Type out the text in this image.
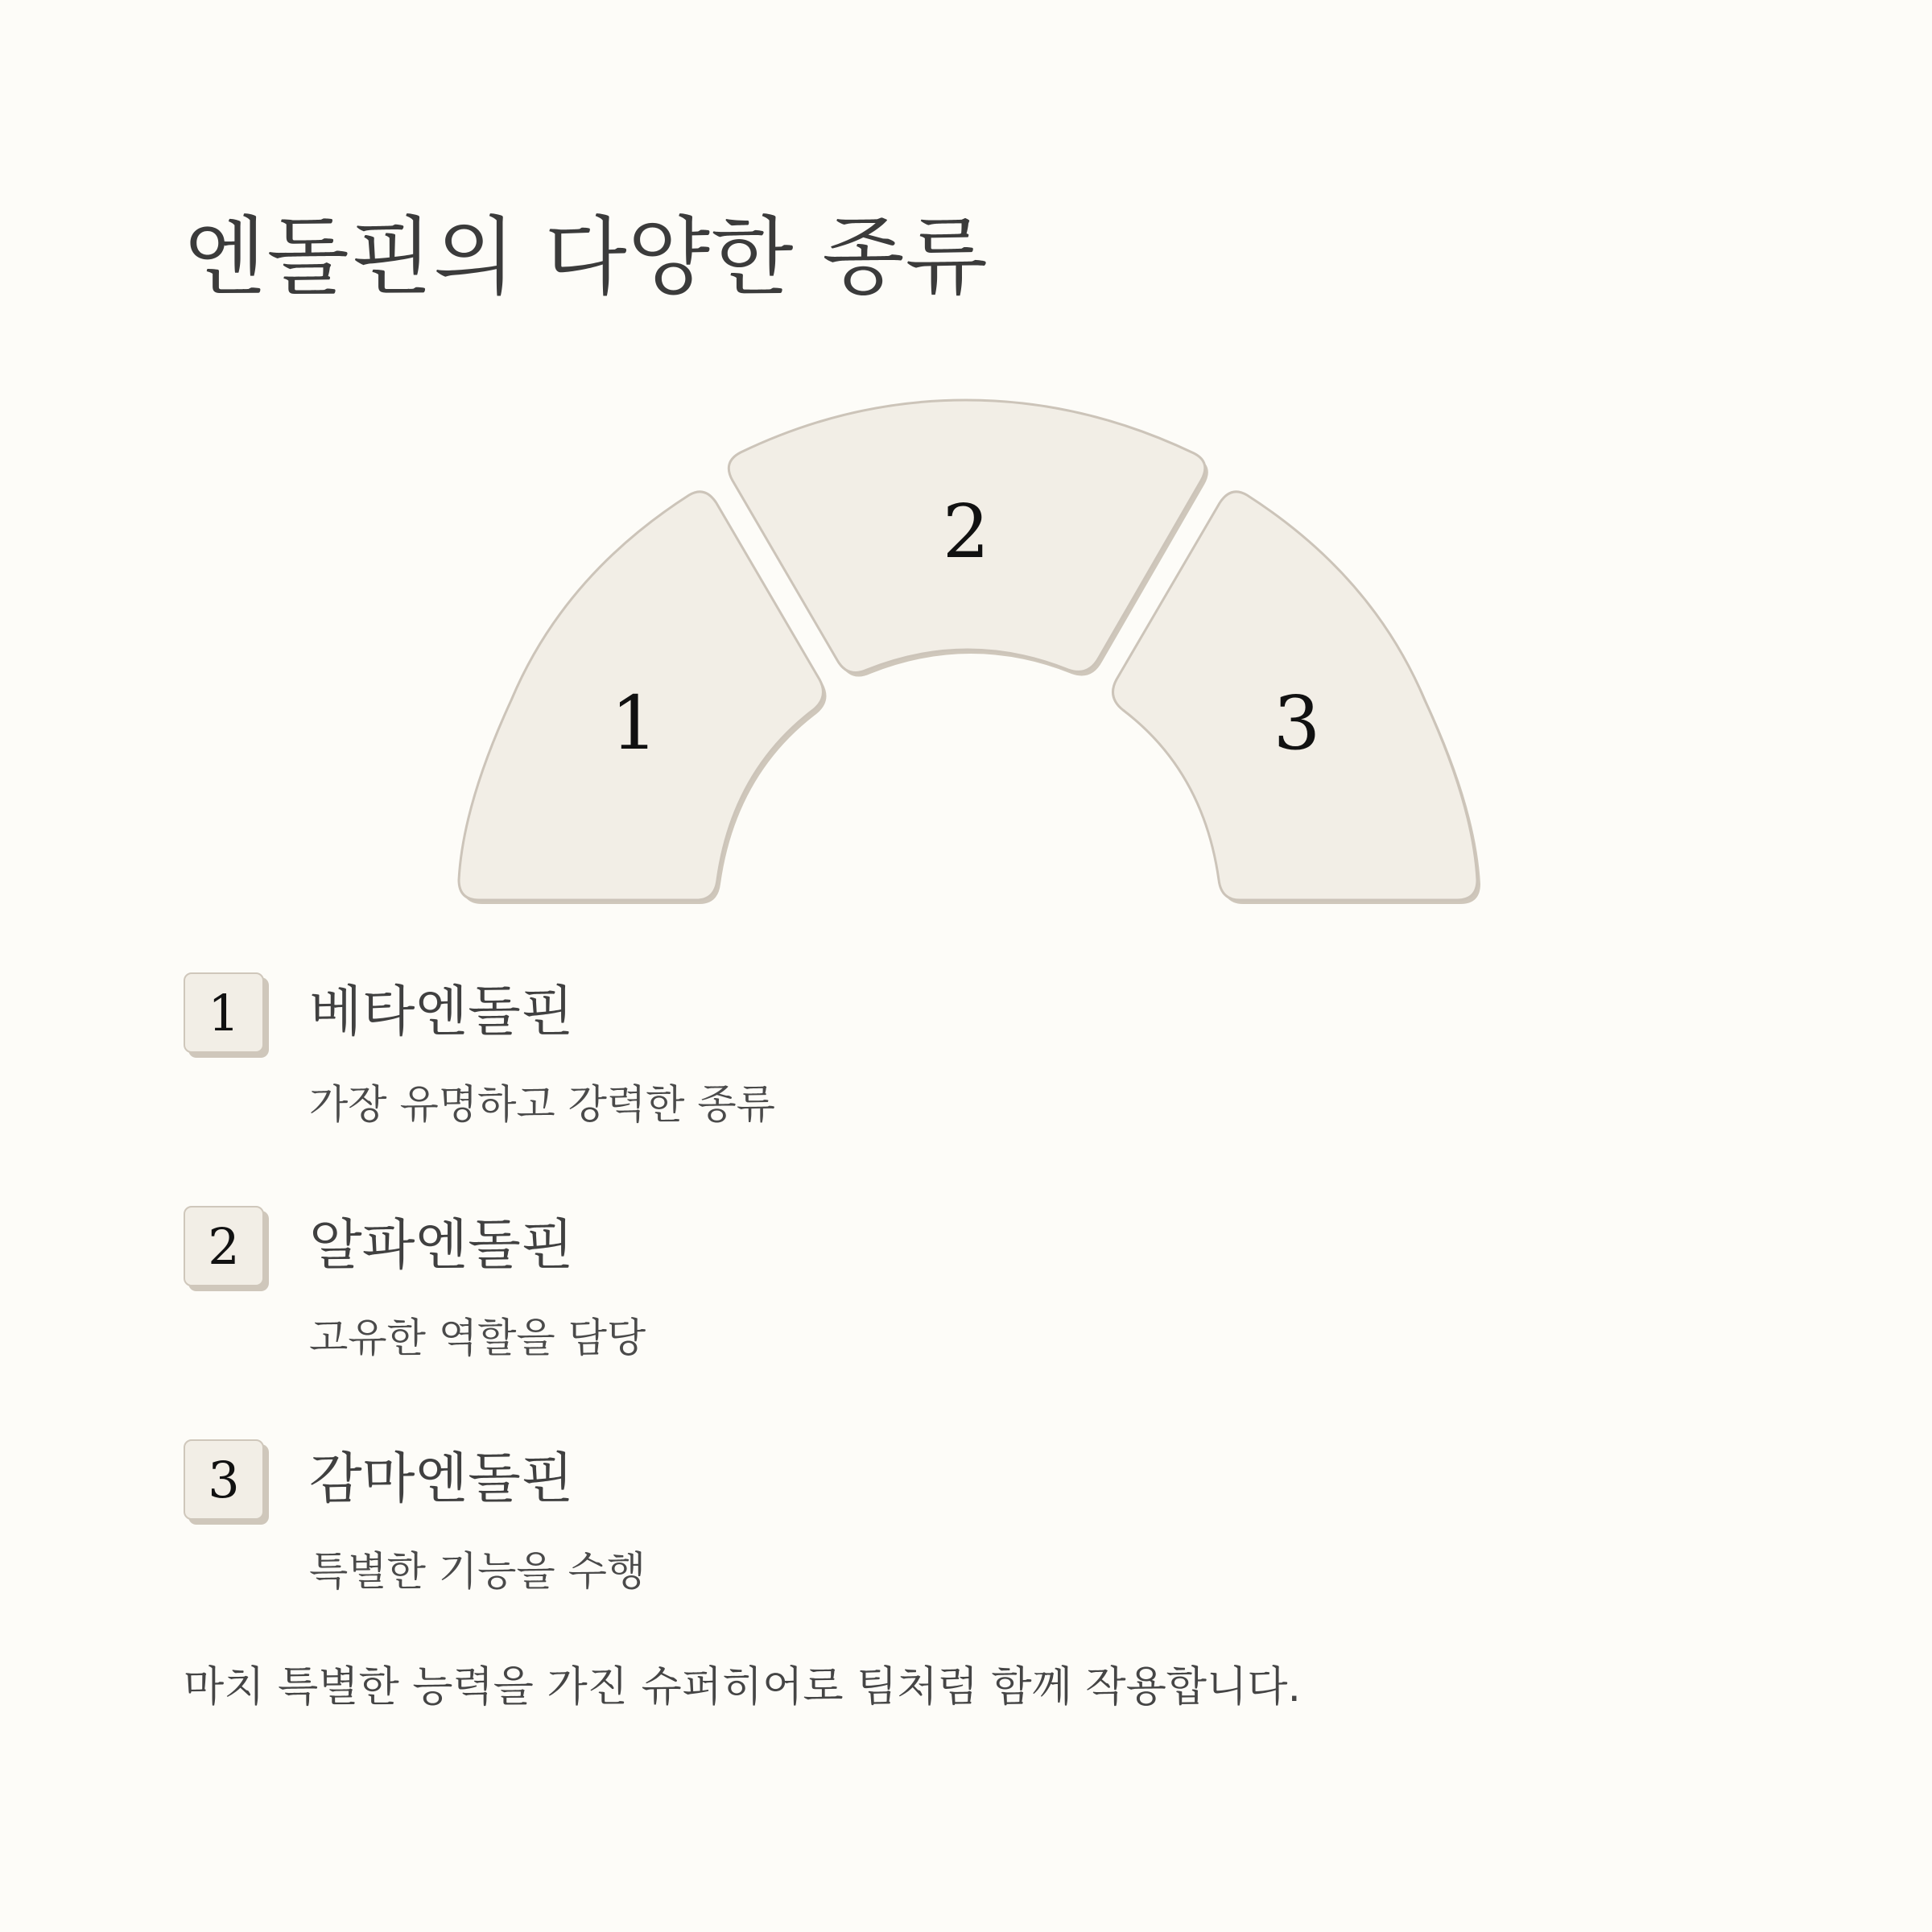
엔돌핀의 다양한 종류
1
2
3
1	베타엔돌핀
가장 유명하고 강력한 종류
2	알파엔돌핀
고유한 역할을 담당
3	감마엔돌핀
특별한 기능을 수행
마치 특별한 능력을 가진 슈퍼히어로 팀처럼 함께 작용합니다.
